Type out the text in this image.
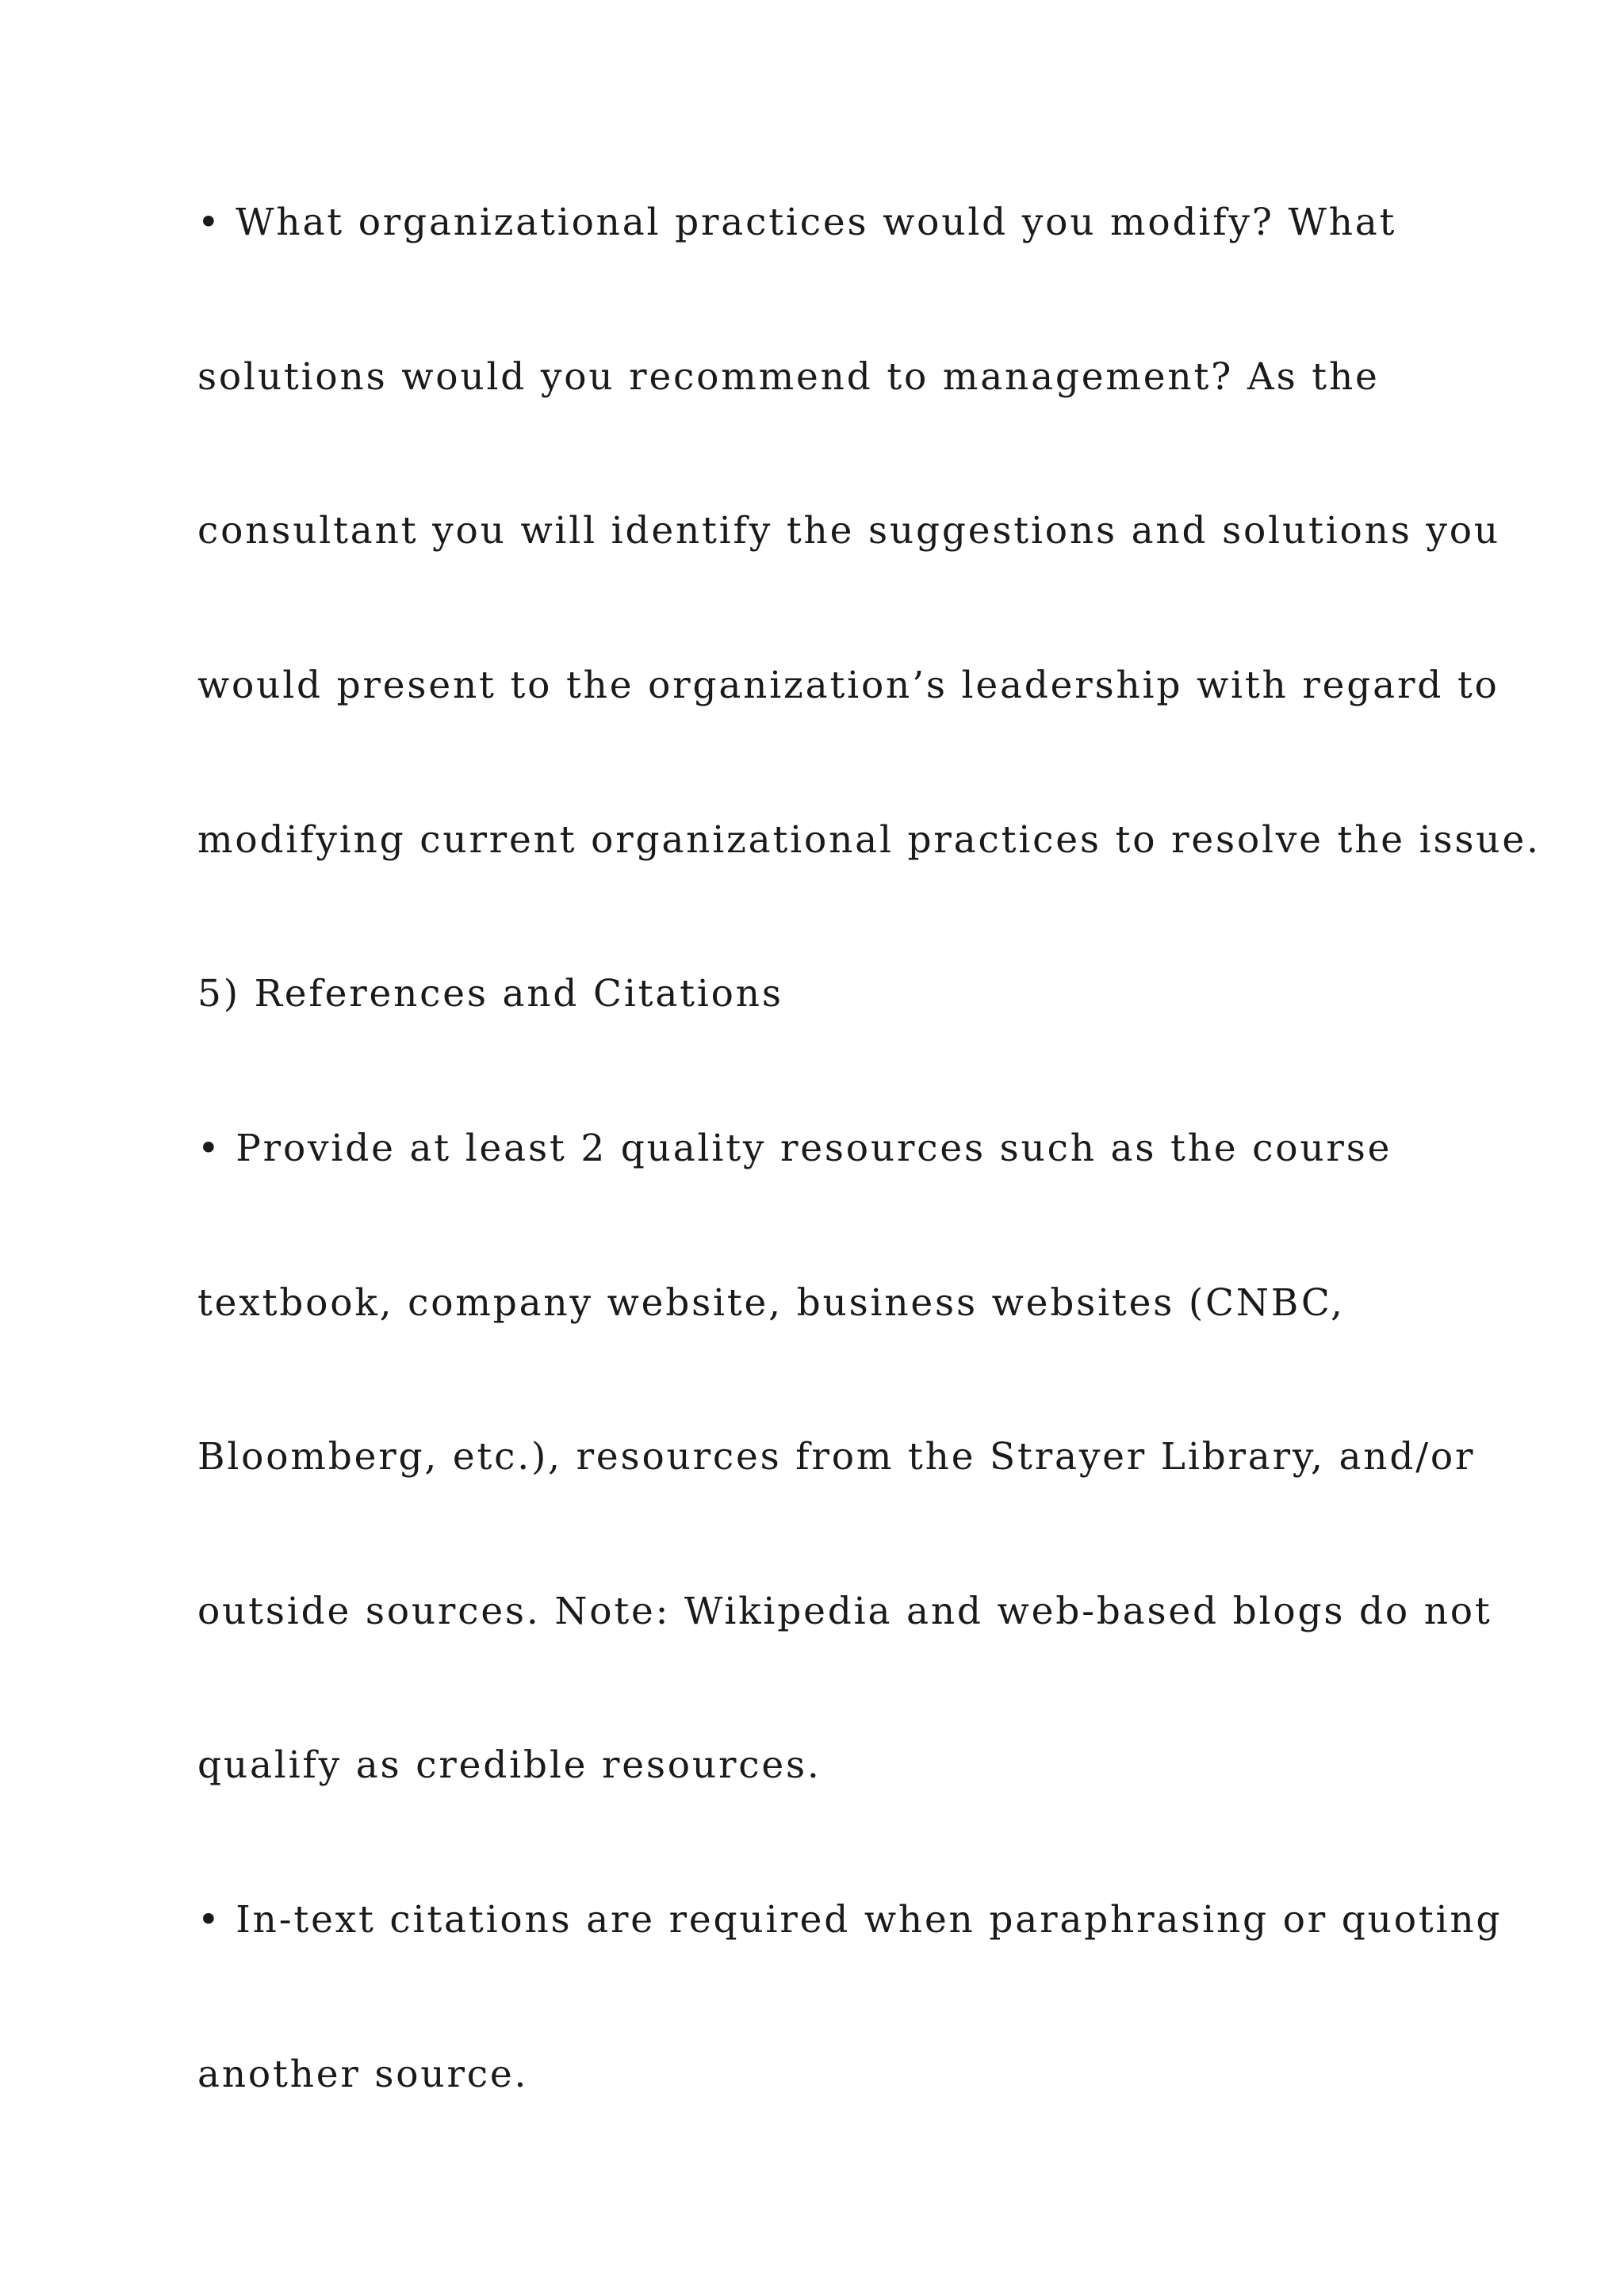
• What organizational practices would you modify? What

solutions would you recommend to management? As the

consultant you will identify the suggestions and solutions you

would present to the organization’s leadership with regard to

modifying current organizational practices to resolve the issue.

5) References and Citations

• Provide at least 2 quality resources such as the course

textbook, company website, business websites (CNBC,

Bloomberg, etc.), resources from the Strayer Library, and/or

outside sources. Note: Wikipedia and web-based blogs do not

qualify as credible resources.

• In-text citations are required when paraphrasing or quoting

another source.
